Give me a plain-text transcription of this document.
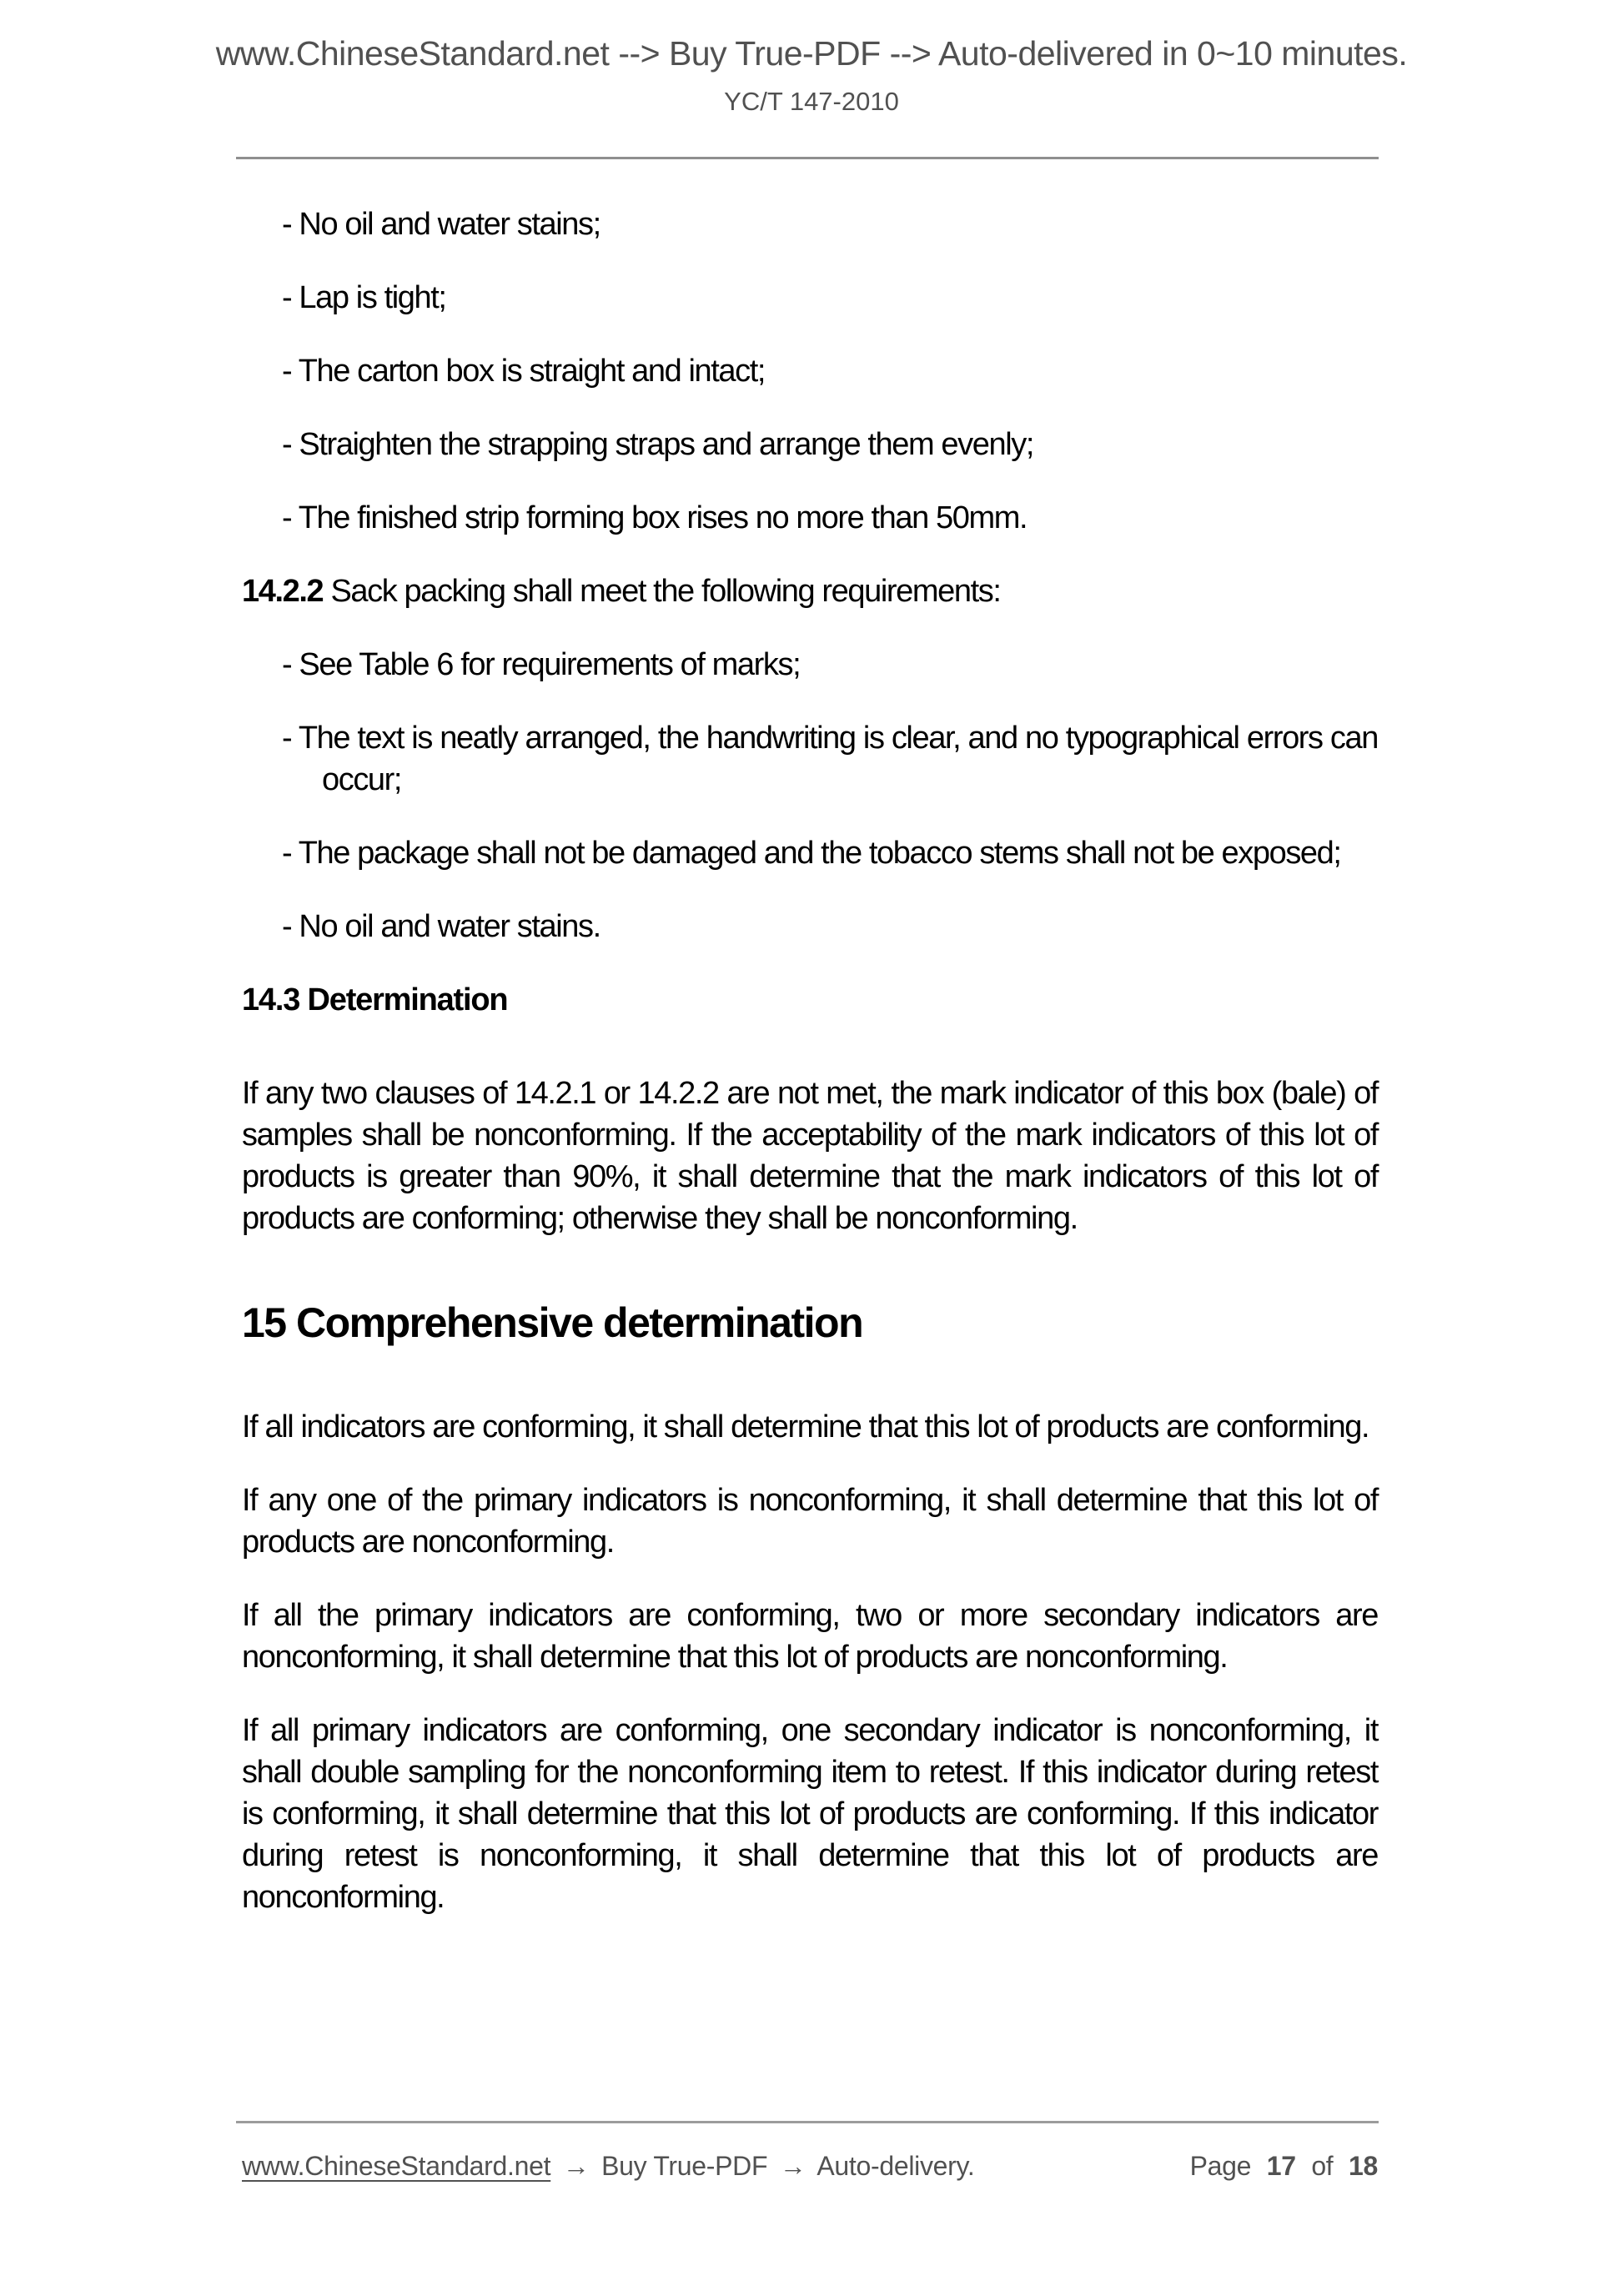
www.ChineseStandard.net --> Buy True-PDF --> Auto-delivered in 0~10 minutes.
YC/T 147-2010

- No oil and water stains;

- Lap is tight;

- The carton box is straight and intact;

- Straighten the strapping straps and arrange them evenly;

- The finished strip forming box rises no more than 50mm.

14.2.2 Sack packing shall meet the following requirements:

- See Table 6 for requirements of marks;

- The text is neatly arranged, the handwriting is clear, and no typographical errors can occur;

- The package shall not be damaged and the tobacco stems shall not be exposed;

- No oil and water stains.

14.3 Determination

If any two clauses of 14.2.1 or 14.2.2 are not met, the mark indicator of this box (bale) of samples shall be nonconforming. If the acceptability of the mark indicators of this lot of products is greater than 90%, it shall determine that the mark indicators of this lot of products are conforming; otherwise they shall be nonconforming.

15 Comprehensive determination

If all indicators are conforming, it shall determine that this lot of products are conforming.

If any one of the primary indicators is nonconforming, it shall determine that this lot of products are nonconforming.

If all the primary indicators are conforming, two or more secondary indicators are nonconforming, it shall determine that this lot of products are nonconforming.

If all primary indicators are conforming, one secondary indicator is nonconforming, it shall double sampling for the nonconforming item to retest. If this indicator during retest is conforming, it shall determine that this lot of products are conforming. If this indicator during retest is nonconforming, it shall determine that this lot of products are nonconforming.

www.ChineseStandard.net → Buy True-PDF → Auto-delivery.	Page 17 of 18
